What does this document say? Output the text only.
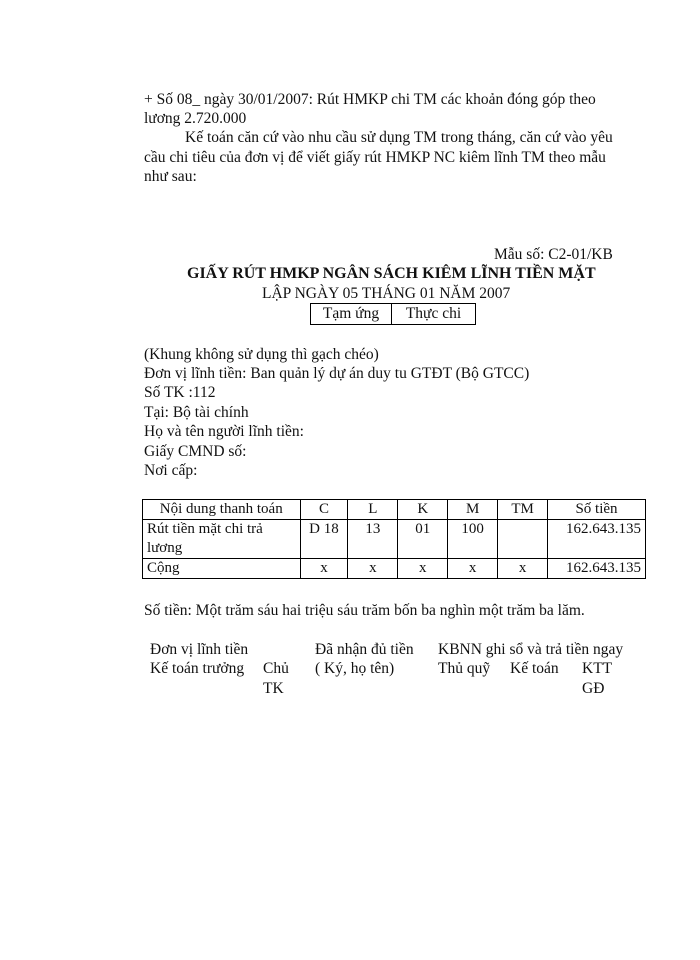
+ Số 08_ ngày 30/01/2007: Rút HMKP chi TM các khoản đóng góp theo
lương 2.720.000
Kế toán căn cứ vào nhu cầu sử dụng TM trong tháng, căn cứ vào yêu
cầu chi tiêu của đơn vị để viết giấy rút HMKP NC kiêm lĩnh TM theo mẫu
như sau:
Mẫu số: C2-01/KB
GIẤY RÚT HMKP NGÂN SÁCH KIÊM LĨNH TIỀN MẶT
LẬP NGÀY 05 THÁNG 01 NĂM 2007
Tạm ứng	Thực chi
(Khung không sử dụng thì gạch chéo)
Đơn vị lĩnh tiền: Ban quản lý dự án duy tu GTĐT (Bộ GTCC)
Số TK :112
Tại: Bộ tài chính
Họ và tên người lĩnh tiền:
Giấy CMND số:
Nơi cấp:
Nội dung thanh toán	C	L	K	M	TM	Số tiền

Rút tiền mặt chi trả
lương	D 18	13	01	100		162.643.135
Cộng	x	x	x	x	x	162.643.135
Số tiền: Một trăm sáu hai triệu sáu trăm bốn ba nghìn một trăm ba lăm.
Đơn vị lĩnh tiền
Kế toán trưởng Chủ
TK
Đã nhận đủ tiền
( Ký, họ tên)
KBNN ghi sổ và trả tiền ngay
Thủ quỹ Kế toán KTT
GĐ
